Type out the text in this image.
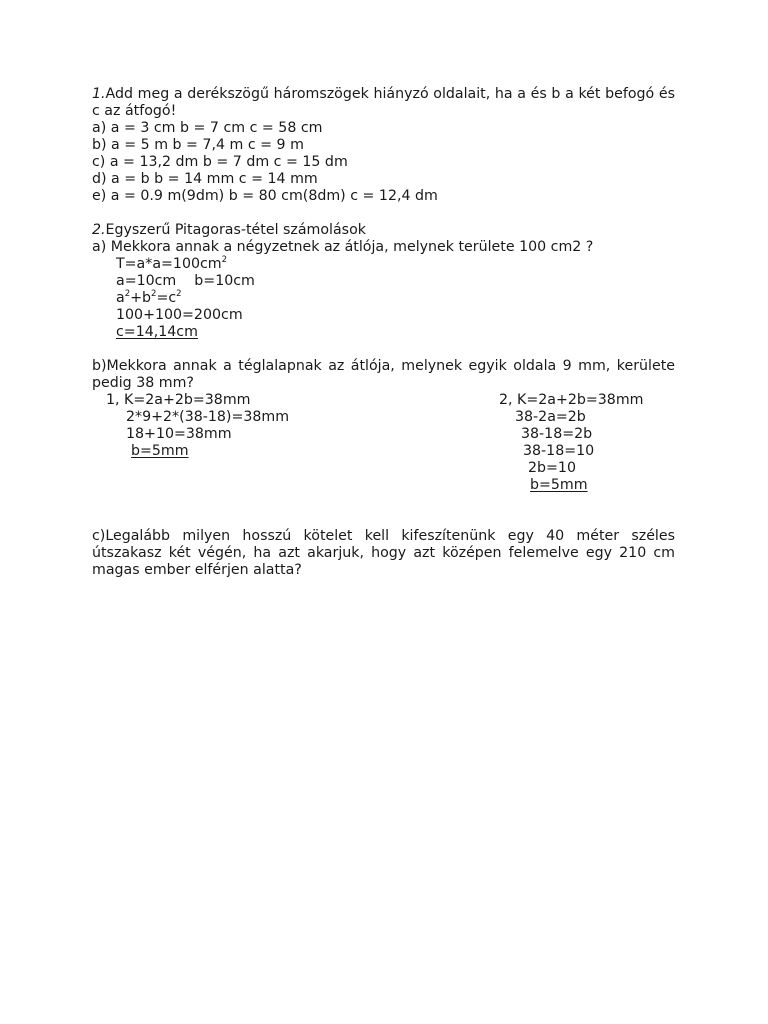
1.Add meg a derékszögű háromszögek hiányzó oldalait, ha a és b a két befogó és c az átfogó!
a) a = 3 cm b = 7 cm c = 58 cm
b) a = 5 m b = 7,4 m c = 9 m
c) a = 13,2 dm b = 7 dm c = 15 dm
d) a = b b = 14 mm c = 14 mm
e) a = 0.9 m(9dm) b = 80 cm(8dm) c = 12,4 dm
2.Egyszerű Pitagoras-tétel számolások
a) Mekkora annak a négyzetnek az átlója, melynek területe 100 cm2 ?
$T=a*a=100cm^2$
a=10cm    b=10cm
$a^2+b^2=c^2$
100+100=200cm
c=14,14cm
b)Mekkora annak a téglalapnak az átlója, melynek egyik oldala 9 mm, kerülete pedig 38 mm?
1, K=2a+2b=38mm
2*9+2*(38-18)=38mm
18+10=38mm
b=5mm
2, K=2a+2b=38mm
38-2a=2b
38-18=2b
38-18=10
2b=10
b=5mm
c)Legalább milyen hosszú kötelet kell kifeszítenünk egy 40 méter széles útszakasz két végén, ha azt akarjuk, hogy azt középen felemelve egy 210 cm magas ember elférjen alatta?
